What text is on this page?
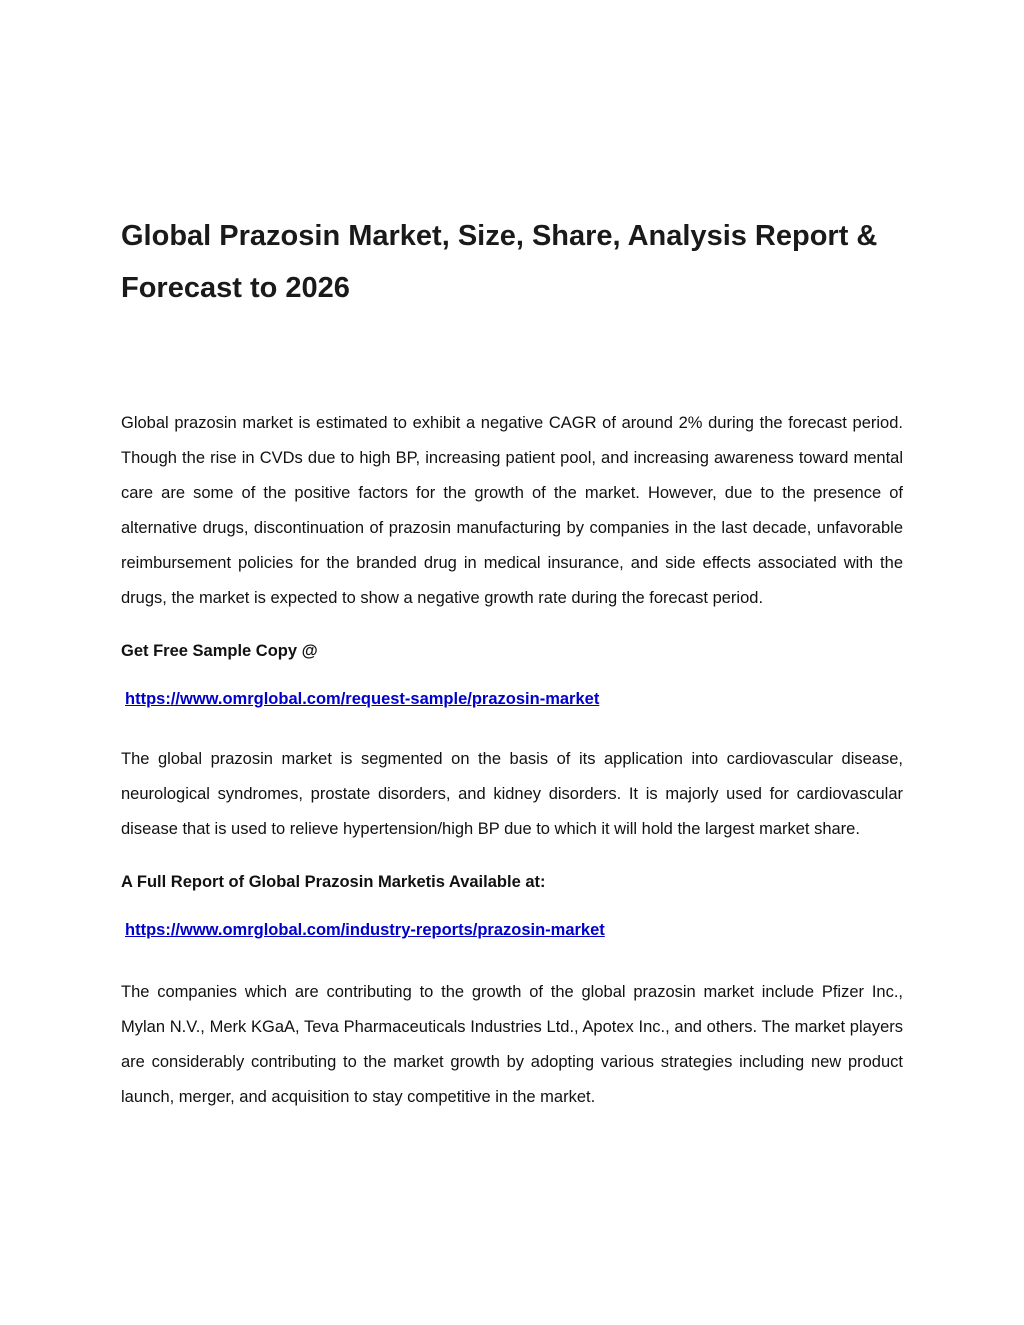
Global Prazosin Market, Size, Share, Analysis Report & Forecast to 2026

Global prazosin market is estimated to exhibit a negative CAGR of around 2% during the forecast period. Though the rise in CVDs due to high BP, increasing patient pool, and increasing awareness toward mental care are some of the positive factors for the growth of the market. However, due to the presence of alternative drugs, discontinuation of prazosin manufacturing by companies in the last decade, unfavorable reimbursement policies for the branded drug in medical insurance, and side effects associated with the drugs, the market is expected to show a negative growth rate during the forecast period.

Get Free Sample Copy @

https://www.omrglobal.com/request-sample/prazosin-market

The global prazosin market is segmented on the basis of its application into cardiovascular disease, neurological syndromes, prostate disorders, and kidney disorders. It is majorly used for cardiovascular disease that is used to relieve hypertension/high BP due to which it will hold the largest market share.

A Full Report of Global Prazosin Marketis Available at:

https://www.omrglobal.com/industry-reports/prazosin-market

The companies which are contributing to the growth of the global prazosin market include Pfizer Inc., Mylan N.V., Merk KGaA, Teva Pharmaceuticals Industries Ltd., Apotex Inc., and others. The market players are considerably contributing to the market growth by adopting various strategies including new product launch, merger, and acquisition to stay competitive in the market.
